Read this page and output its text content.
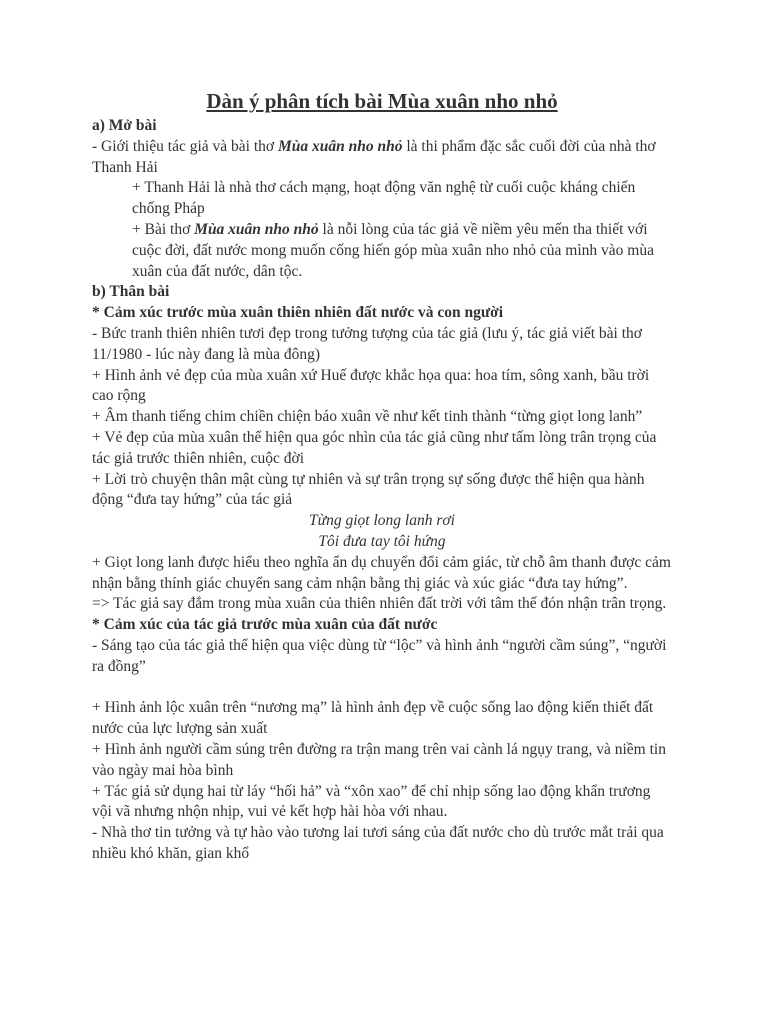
Dàn ý phân tích bài Mùa xuân nho nhỏ

a) Mở bài

- Giới thiệu tác giả và bài thơ Mùa xuân nho nhỏ là thi phẩm đặc sắc cuối đời của nhà thơ Thanh Hải

+ Thanh Hải là nhà thơ cách mạng, hoạt động văn nghệ từ cuối cuộc kháng chiến chống Pháp

+ Bài thơ Mùa xuân nho nhỏ là nỗi lòng của tác giả về niềm yêu mến tha thiết với cuộc đời, đất nước mong muốn cống hiến góp mùa xuân nho nhỏ của mình vào mùa xuân của đất nước, dân tộc.

b) Thân bài

* Cảm xúc trước mùa xuân thiên nhiên đất nước và con người

- Bức tranh thiên nhiên tươi đẹp trong tưởng tượng của tác giả (lưu ý, tác giả viết bài thơ 11/1980 - lúc này đang là mùa đông)

+ Hình ảnh vẻ đẹp của mùa xuân xứ Huế được khắc họa qua: hoa tím, sông xanh, bầu trời cao rộng

+ Âm thanh tiếng chim chiền chiện báo xuân về như kết tinh thành “từng giọt long lanh”

+ Vẻ đẹp của mùa xuân thể hiện qua góc nhìn của tác giả cũng như tấm lòng trân trọng của tác giả trước thiên nhiên, cuộc đời

+ Lời trò chuyện thân mật cùng tự nhiên và sự trân trọng sự sống được thể hiện qua hành động “đưa tay hứng” của tác giả

Từng giọt long lanh rơi

Tôi đưa tay tôi hứng

+ Giọt long lanh được hiểu theo nghĩa ẩn dụ chuyển đổi cảm giác, từ chỗ âm thanh được cảm nhận bằng thính giác chuyển sang cảm nhận bằng thị giác và xúc giác “đưa tay hứng”.

=> Tác giả say đắm trong mùa xuân của thiên nhiên đất trời với tâm thế đón nhận trân trọng.

* Cảm xúc của tác giả trước mùa xuân của đất nước

- Sáng tạo của tác giả thể hiện qua việc dùng từ “lộc” và hình ảnh “người cầm súng”, “người ra đồng”

+ Hình ảnh lộc xuân trên “nương mạ” là hình ảnh đẹp về cuộc sống lao động kiến thiết đất nước của lực lượng sản xuất

+ Hình ảnh người cầm súng trên đường ra trận mang trên vai cành lá ngụy trang, và niềm tin vào ngày mai hòa bình

+ Tác giả sử dụng hai từ láy “hối hả” và “xôn xao” để chỉ nhịp sống lao động khẩn trương vội vã nhưng nhộn nhịp, vui vẻ kết hợp hài hòa với nhau.

- Nhà thơ tin tưởng và tự hào vào tương lai tươi sáng của đất nước cho dù trước mắt trải qua nhiều khó khăn, gian khổ
